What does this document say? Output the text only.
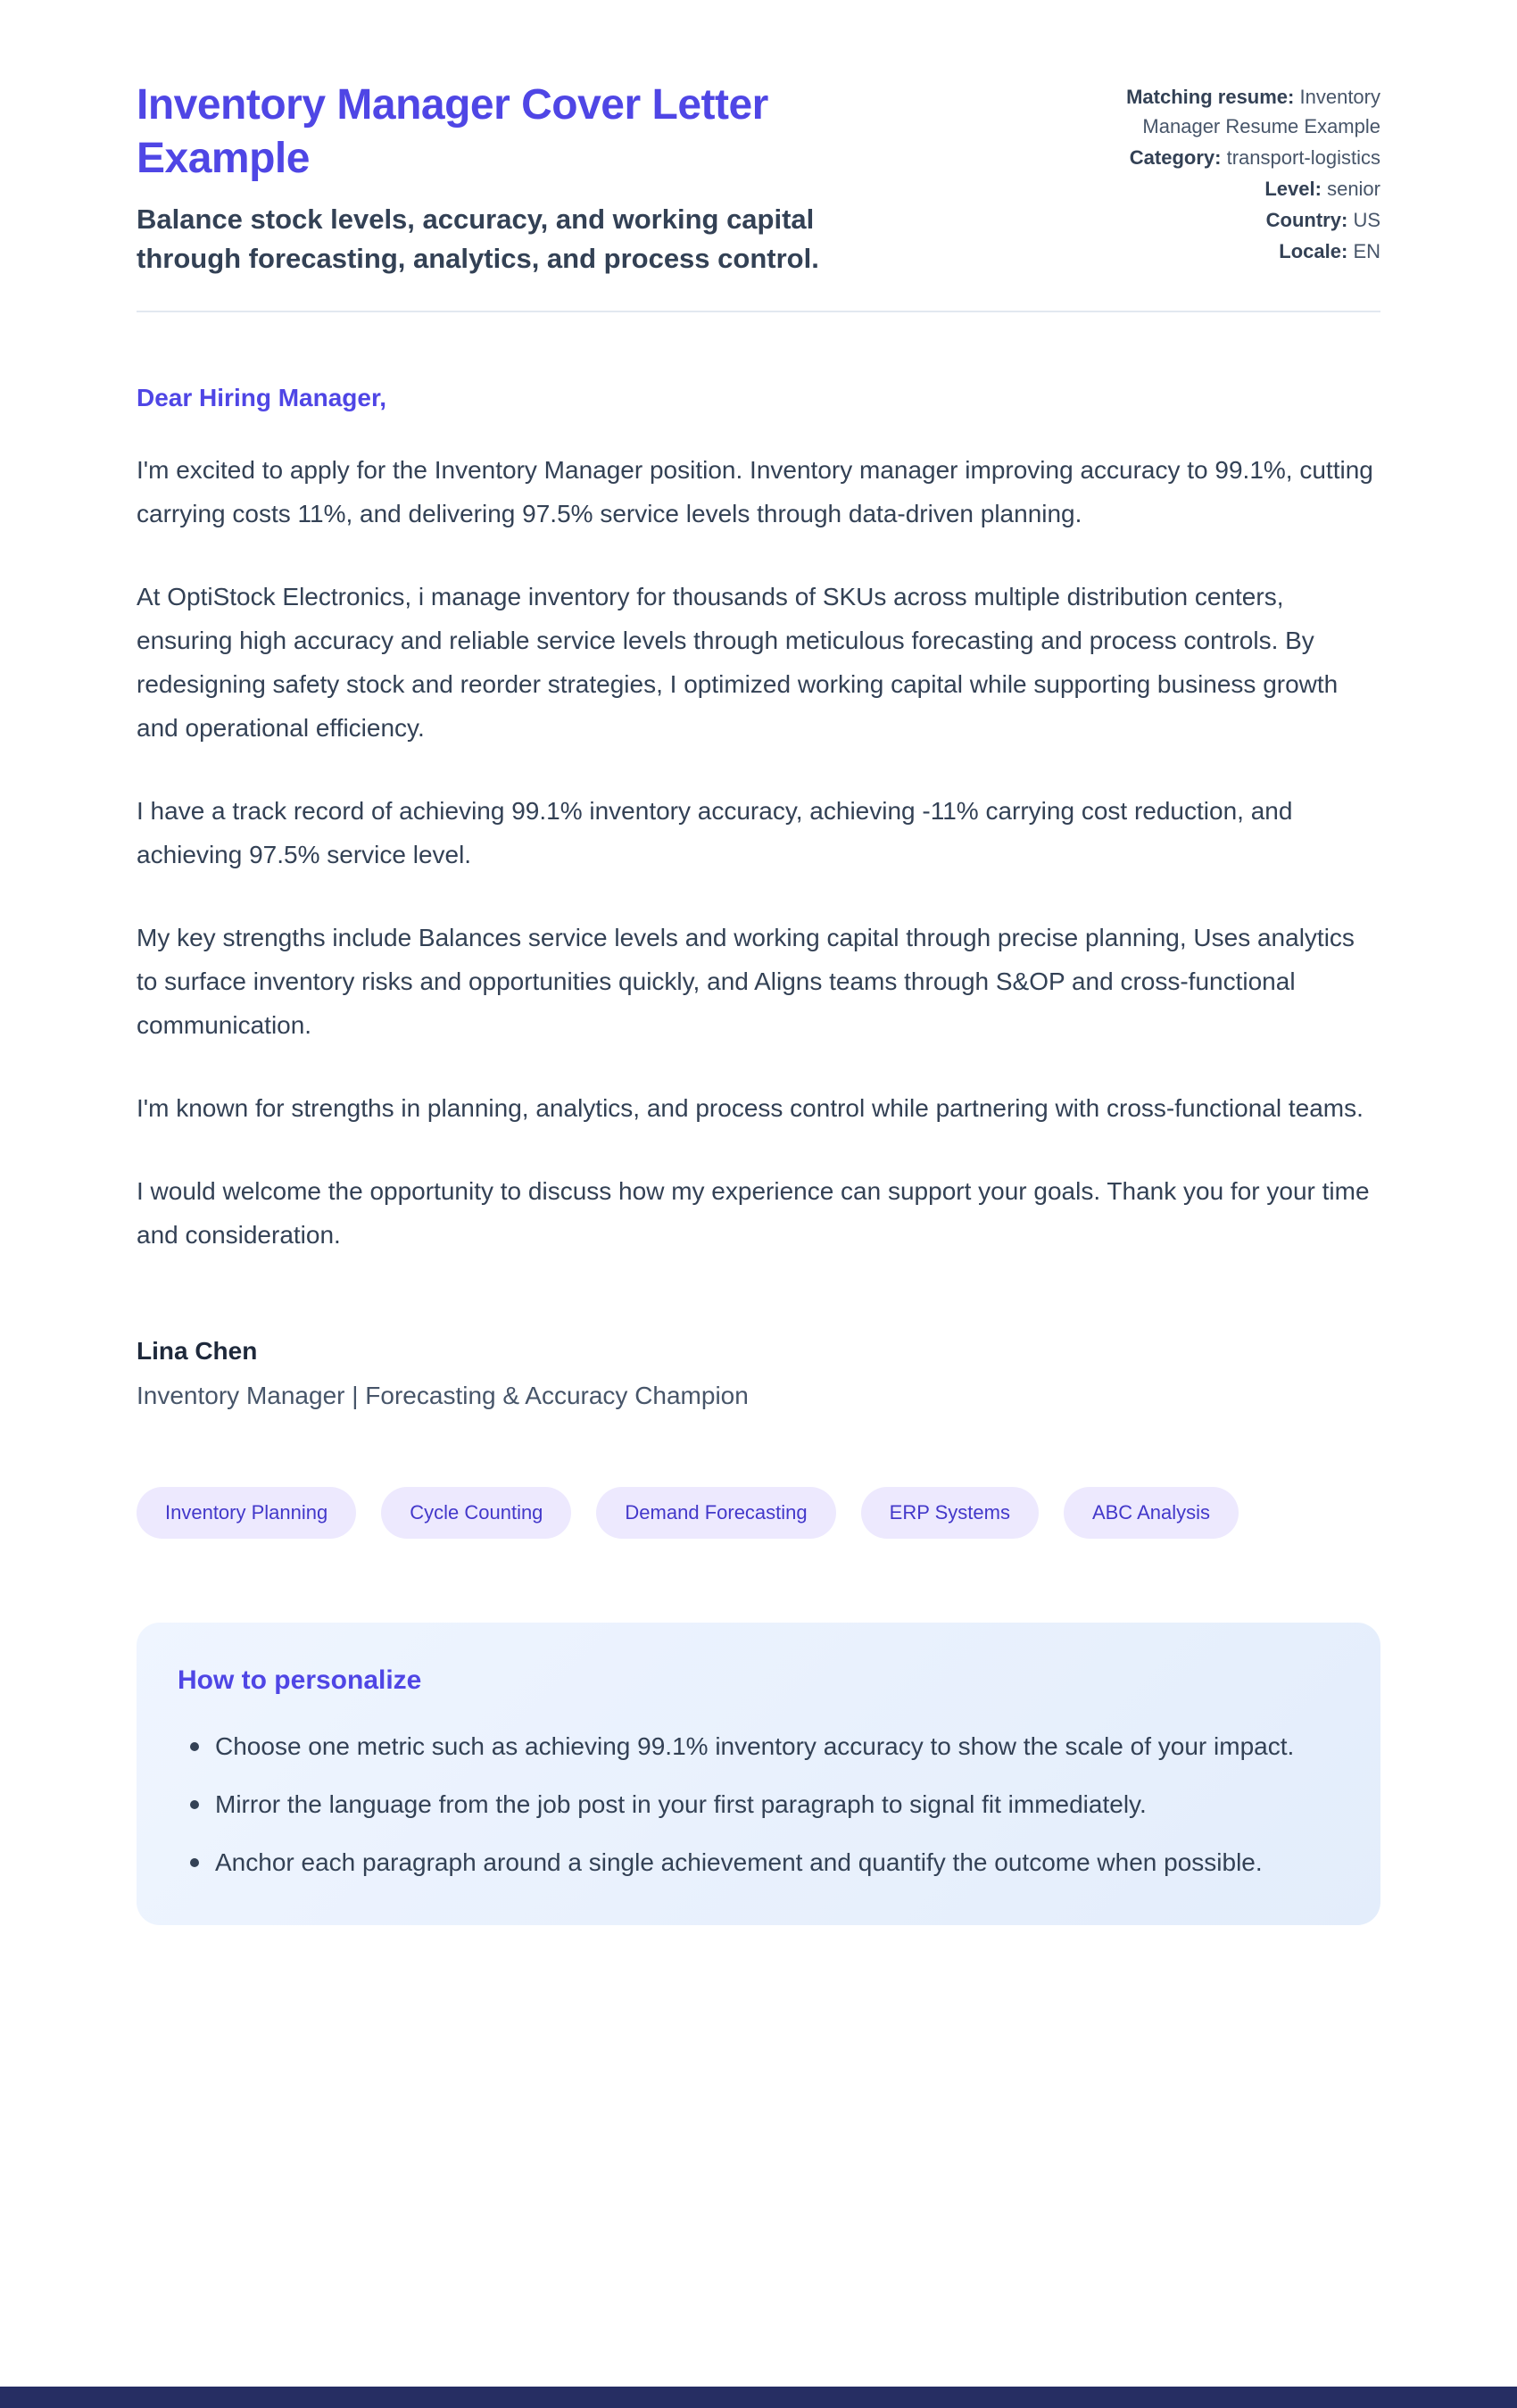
Inventory Manager Cover Letter Example
Balance stock levels, accuracy, and working capital through forecasting, analytics, and process control.
Matching resume: Inventory Manager Resume Example
Category: transport-logistics
Level: senior
Country: US
Locale: EN

Dear Hiring Manager,

I'm excited to apply for the Inventory Manager position. Inventory manager improving accuracy to 99.1%, cutting carrying costs 11%, and delivering 97.5% service levels through data-driven planning.

At OptiStock Electronics, i manage inventory for thousands of SKUs across multiple distribution centers, ensuring high accuracy and reliable service levels through meticulous forecasting and process controls. By redesigning safety stock and reorder strategies, I optimized working capital while supporting business growth and operational efficiency.

I have a track record of achieving 99.1% inventory accuracy, achieving -11% carrying cost reduction, and achieving 97.5% service level.

My key strengths include Balances service levels and working capital through precise planning, Uses analytics to surface inventory risks and opportunities quickly, and Aligns teams through S&OP and cross-functional communication.

I'm known for strengths in planning, analytics, and process control while partnering with cross-functional teams.

I would welcome the opportunity to discuss how my experience can support your goals. Thank you for your time and consideration.

Lina Chen
Inventory Manager | Forecasting & Accuracy Champion
Inventory Planning	Cycle Counting	Demand Forecasting	ERP Systems	ABC Analysis
How to personalize
Choose one metric such as achieving 99.1% inventory accuracy to show the scale of your impact.
Mirror the language from the job post in your first paragraph to signal fit immediately.
Anchor each paragraph around a single achievement and quantify the outcome when possible.
